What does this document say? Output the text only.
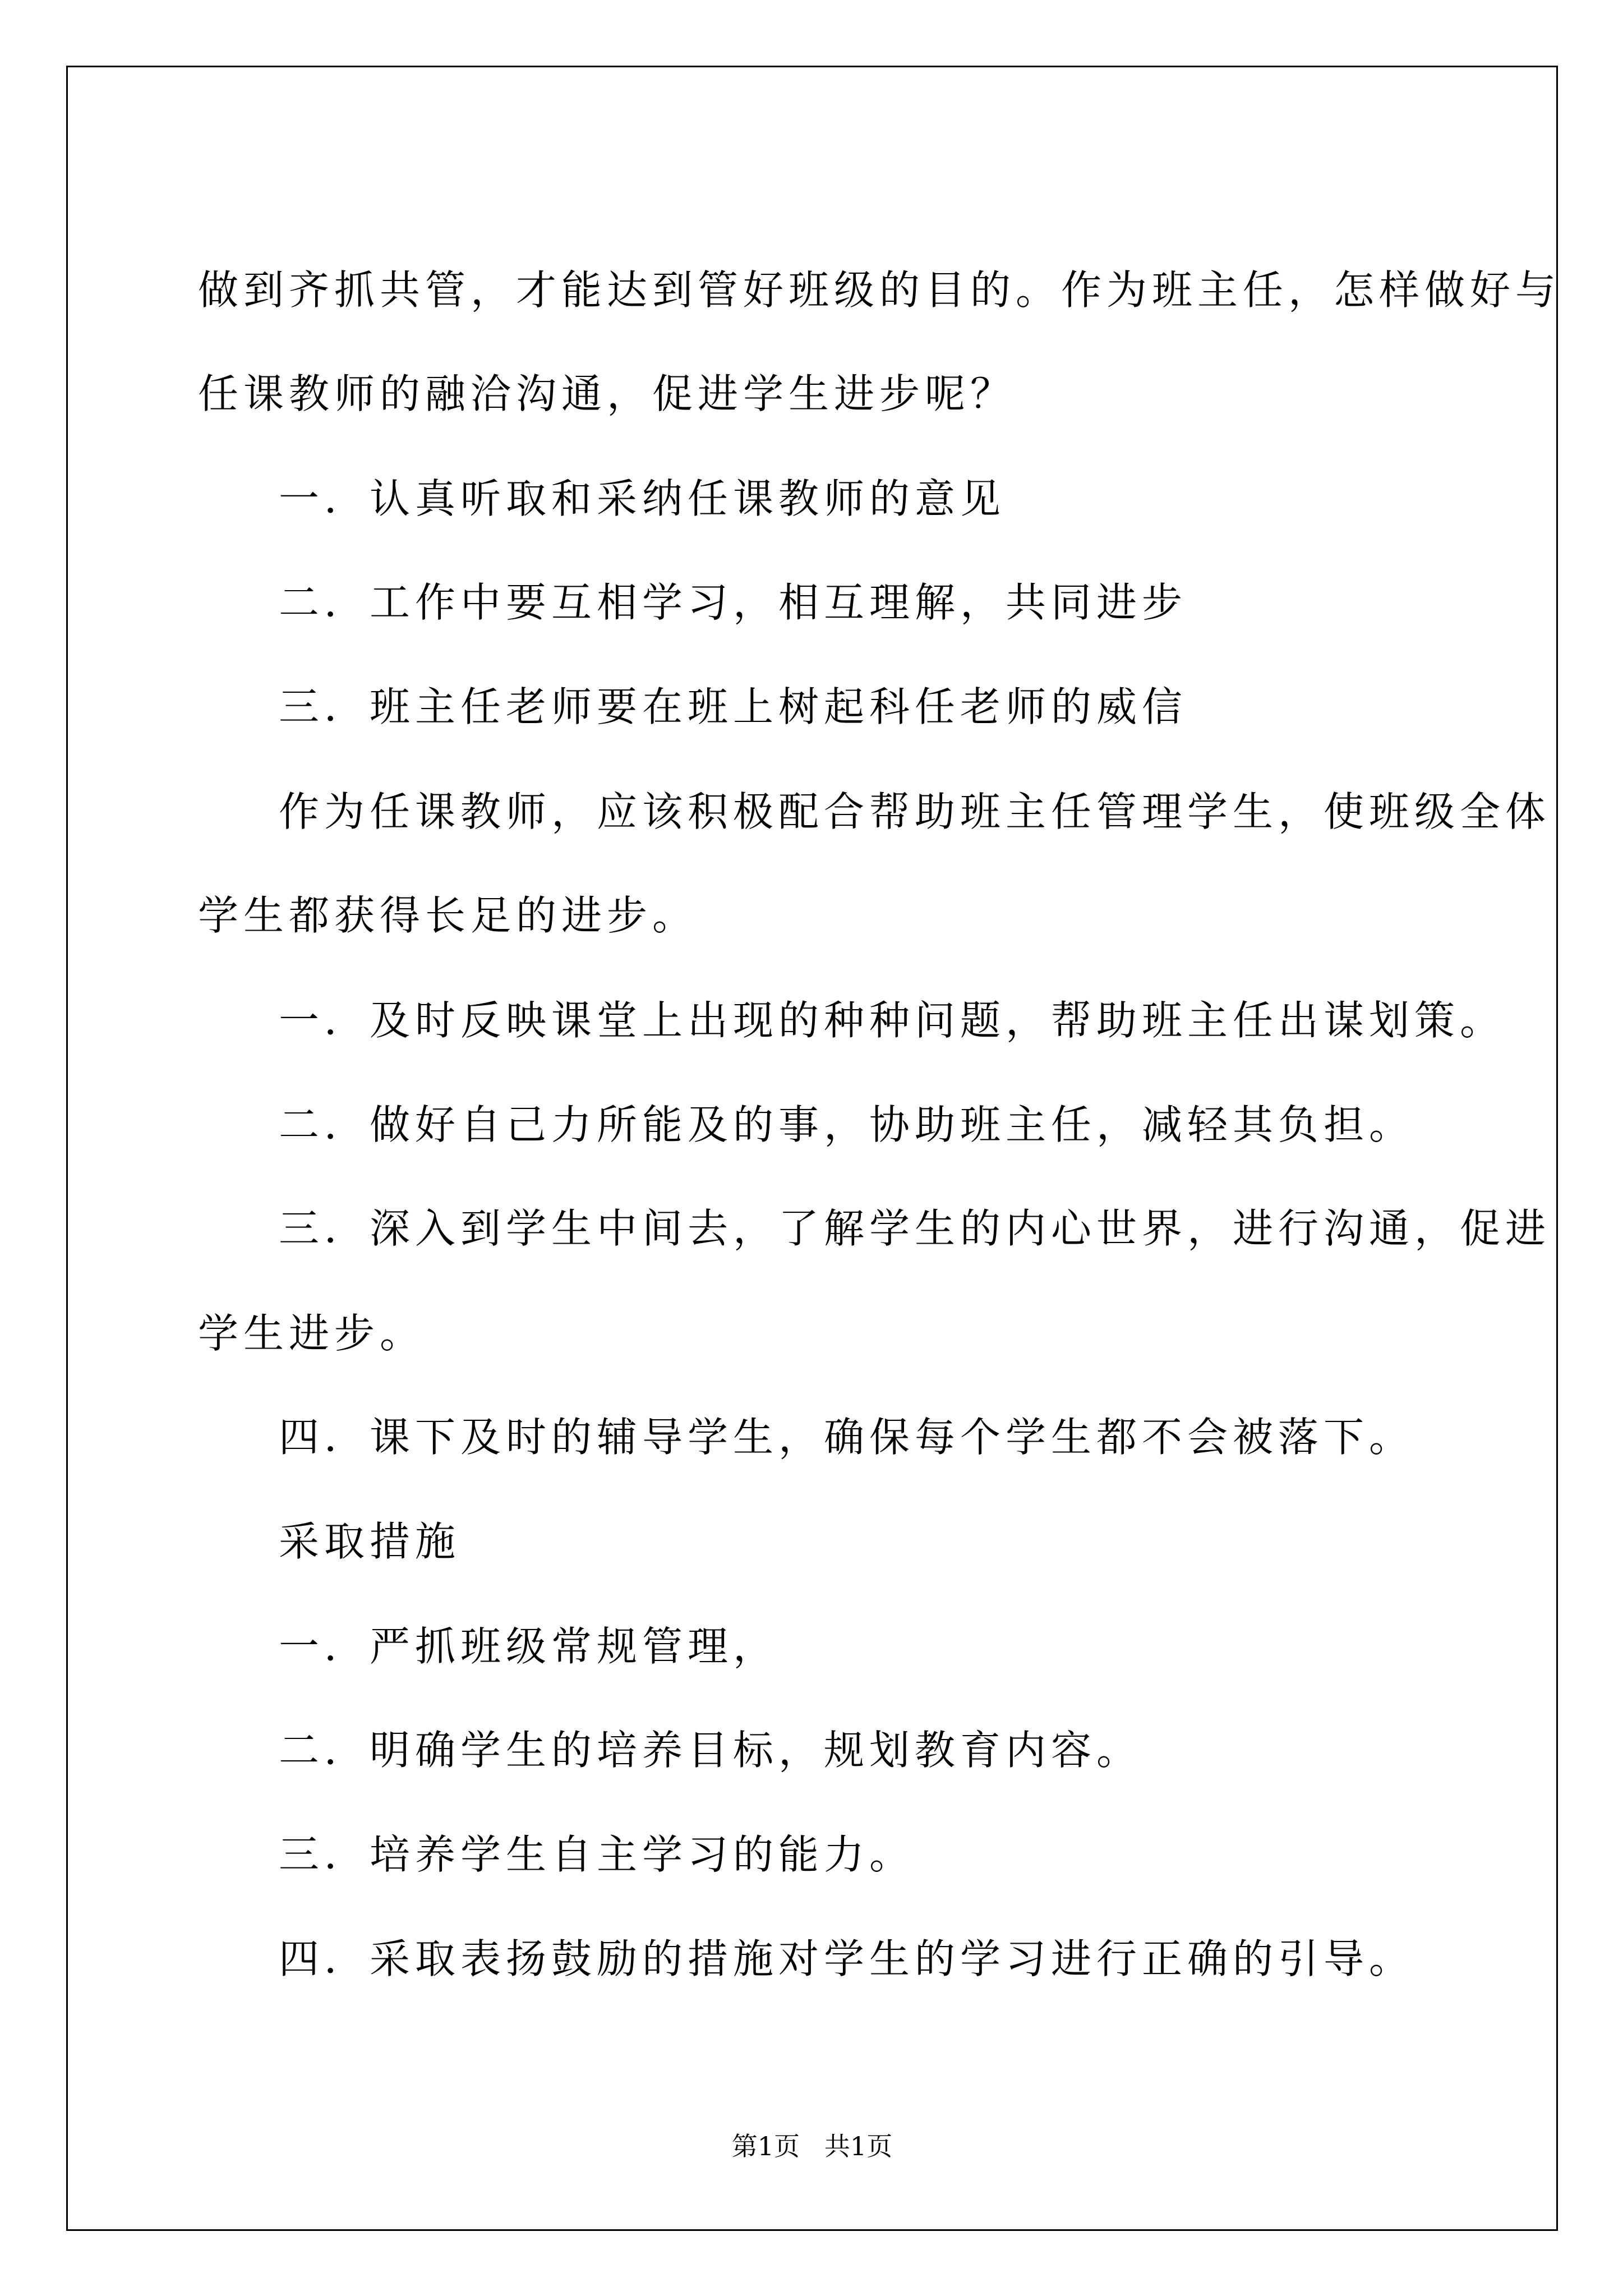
做到齐抓共管，才能达到管好班级的目的。作为班主任，怎样做好与
任课教师的融洽沟通，促进学生进步呢？
一．认真听取和采纳任课教师的意见
二．工作中要互相学习，相互理解，共同进步
三．班主任老师要在班上树起科任老师的威信
作为任课教师，应该积极配合帮助班主任管理学生，使班级全体
学生都获得长足的进步。
一．及时反映课堂上出现的种种问题，帮助班主任出谋划策。
二．做好自己力所能及的事，协助班主任，减轻其负担。
三．深入到学生中间去，了解学生的内心世界，进行沟通，促进
学生进步。
四．课下及时的辅导学生，确保每个学生都不会被落下。
采取措施
一．严抓班级常规管理，
二．明确学生的培养目标，规划教育内容。
三．培养学生自主学习的能力。
四．采取表扬鼓励的措施对学生的学习进行正确的引导。
第1页   共1页
